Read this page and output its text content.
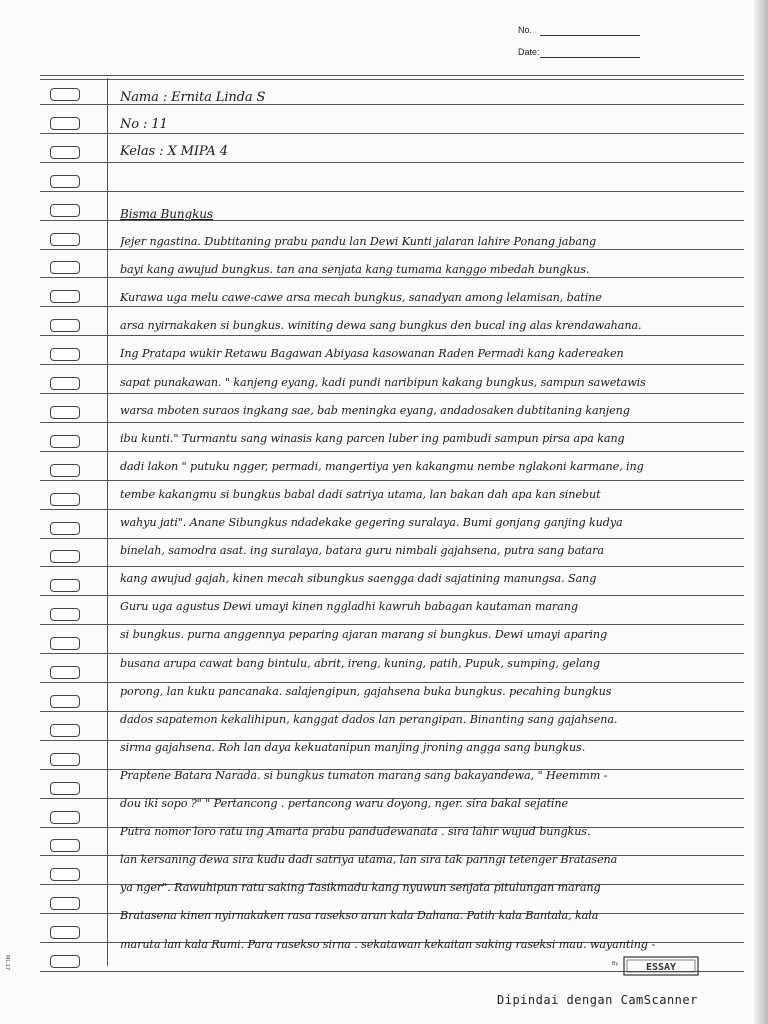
No.
Date:
Nama : Ernita Linda S
No : 11
Kelas : X MIPA 4
Bisma Bungkus
Jejer ngastina. Dubtitaning prabu pandu lan Dewi Kunti jalaran lahire Ponang jabang
bayi kang awujud bungkus. tan ana senjata kang tumama kanggo mbedah bungkus.
Kurawa uga melu cawe-cawe arsa mecah bungkus, sanadyan among lelamisan, batine
arsa nyirnakaken si bungkus. winiting dewa sang bungkus den bucal ing alas krendawahana.
Ing Pratapa wukir Retawu Bagawan Abiyasa kasowanan Raden Permadi kang kadereaken
sapat punakawan. " kanjeng eyang, kadi pundi naribipun kakang bungkus, sampun sawetawis
warsa mboten suraos ingkang sae, bab meningka eyang, andadosaken dubtitaning kanjeng
ibu kunti." Turmantu sang winasis kang parcen luber ing pambudi sampun pirsa apa kang
dadi lakon " putuku ngger, permadi, mangertiya yen kakangmu nembe nglakoni karmane, ing
tembe kakangmu si bungkus babal dadi satriya utama, lan bakan dah apa kan sinebut
wahyu jati". Anane Sibungkus ndadekake gegering suralaya. Bumi gonjang ganjing kudya
binelah, samodra asat. ing suralaya, batara guru nimbali gajahsena, putra sang batara
kang awujud gajah, kinen mecah sibungkus saengga dadi sajatining manungsa. Sang
Guru uga agustus Dewi umayi kinen nggladhi kawruh babagan kautaman marang
si bungkus. purna anggennya peparing ajaran marang si bungkus. Dewi umayi aparing
busana arupa cawat bang bintulu, abrit, ireng, kuning, patih, Pupuk, sumping, gelang
porong, lan kuku pancanaka. salajengipun, gajahsena buka bungkus. pecahing bungkus
dados sapatemon kekalihipun, kanggat dados lan perangipan. Binanting sang gajahsena.
sirma gajahsena. Roh lan daya kekuatanipun manjing jroning angga sang bungkus.
Praptene Batara Narada. si bungkus tumaton marang sang bakayandewa, " Heemmm -
dou iki sopo ?" " Pertancong . pertancong waru doyong, nger. sira bakal sejatine
Putra nomor loro ratu ing Amarta prabu pandudewanata . sira lahir wujud bungkus.
lan kersaning dewa sira kudu dadi satriya utama, lan sira tak paringi tetenger Bratasena
ya nger". Rawuhipun ratu saking Tasikmadu kang nyuwun senjata pitulungan marang
Bratasena kinen nyirnakaken rasa rasekso aran kala Dahana. Patih kala Bantala, kala
maruta lan kala Rumi. Para rasekso sirna . sekatawan kekaitan saking raseksi mau. wayanting -
ESSAY
By
ML 17
Dipindai dengan CamScanner
